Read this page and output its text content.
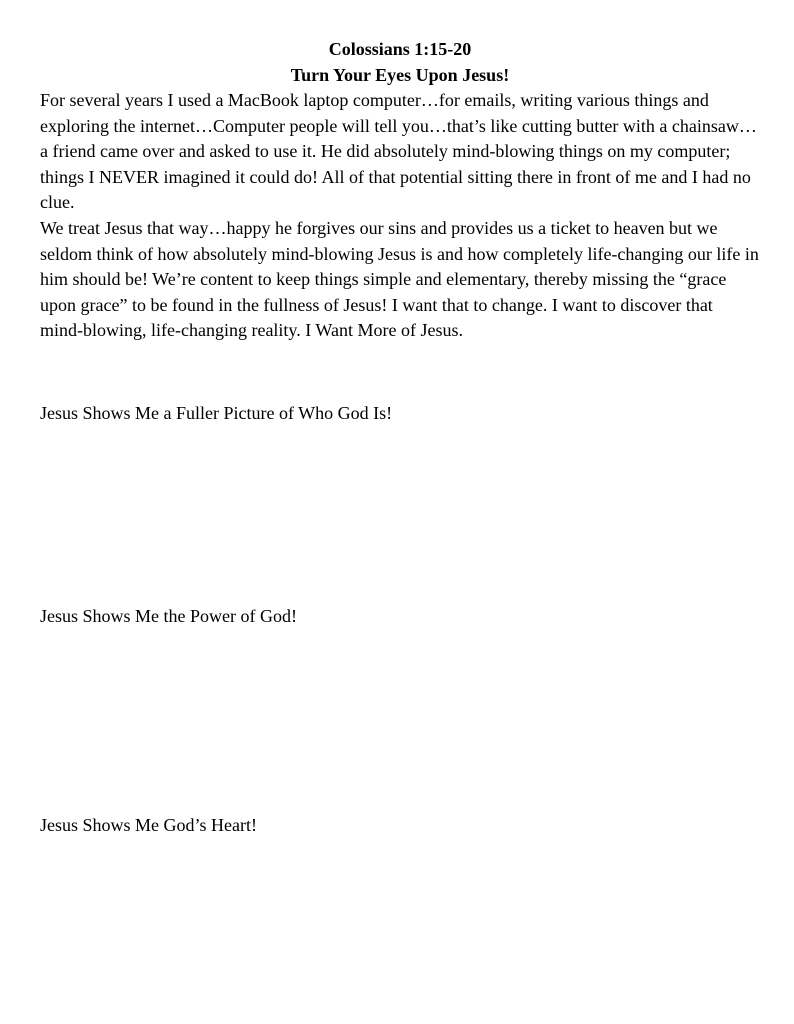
Colossians 1:15-20

Turn Your Eyes Upon Jesus!

For several years I used a MacBook laptop computer…for emails, writing various things and exploring the internet…Computer people will tell you…that’s like cutting butter with a chainsaw…a friend came over and asked to use it. He did absolutely mind-blowing things on my computer; things I NEVER imagined it could do! All of that potential sitting there in front of me and I had no clue.

We treat Jesus that way…happy he forgives our sins and provides us a ticket to heaven but we seldom think of how absolutely mind-blowing Jesus is and how completely life-changing our life in him should be! We’re content to keep things simple and elementary, thereby missing the “grace upon grace” to be found in the fullness of Jesus! I want that to change. I want to discover that mind-blowing, life-changing reality. I Want More of Jesus.

Jesus Shows Me a Fuller Picture of Who God Is!

Jesus Shows Me the Power of God!

Jesus Shows Me God’s Heart!
